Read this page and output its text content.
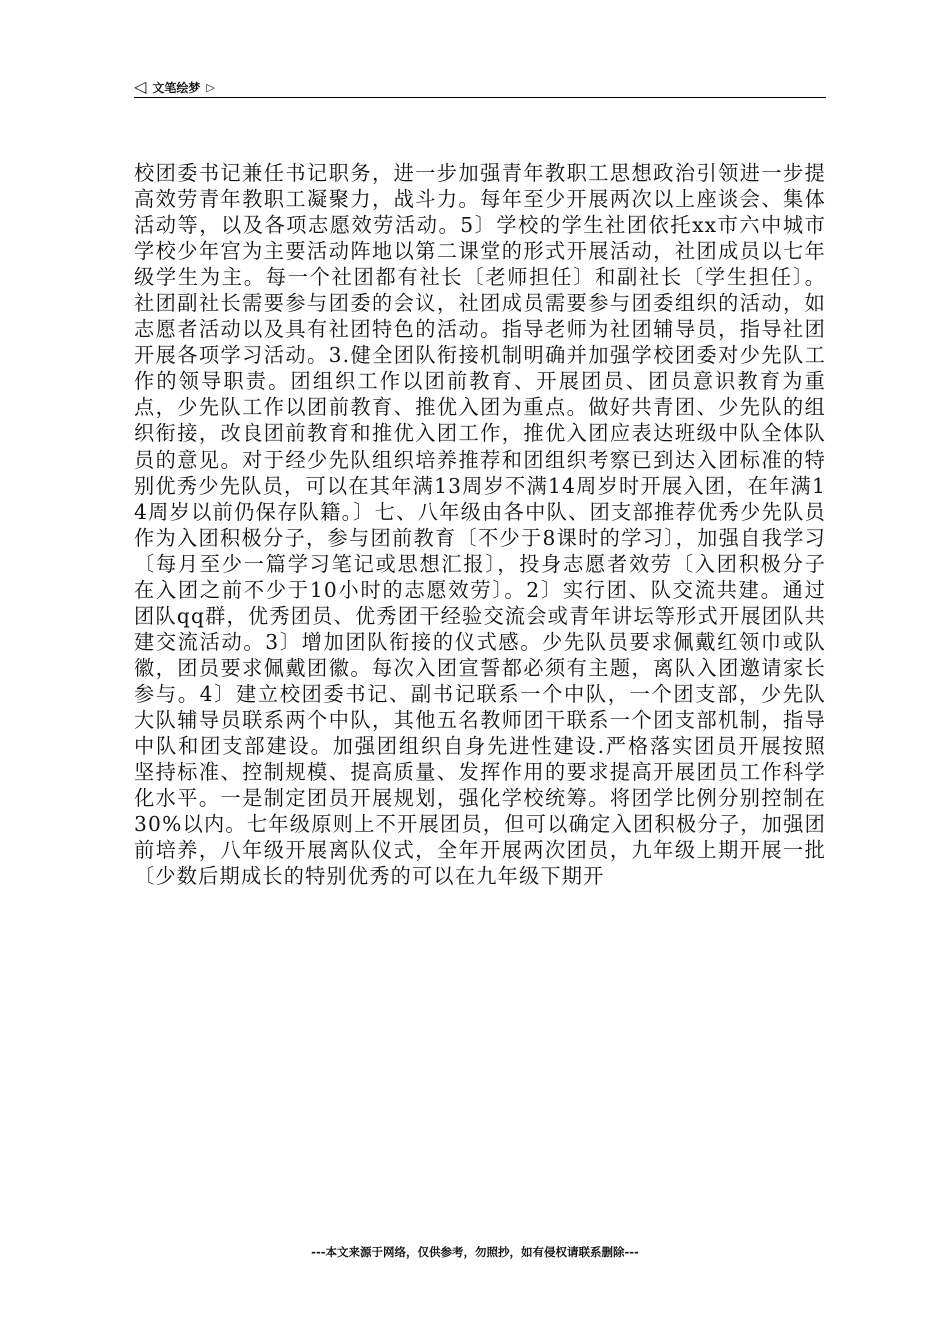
◁ 文笔绘梦 ▷

校团委书记兼任书记职务，进一步加强青年教职工思想政治引领进一步提高效劳青年教职工凝聚力，战斗力。每年至少开展两次以上座谈会、集体活动等，以及各项志愿效劳活动。5〕学校的学生社团依托xx市六中城市学校少年宫为主要活动阵地以第二课堂的形式开展活动，社团成员以七年级学生为主。每一个社团都有社长〔老师担任〕和副社长〔学生担任〕。社团副社长需要参与团委的会议，社团成员需要参与团委组织的活动，如志愿者活动以及具有社团特色的活动。指导老师为社团辅导员，指导社团开展各项学习活动。3.健全团队衔接机制明确并加强学校团委对少先队工作的领导职责。团组织工作以团前教育、开展团员、团员意识教育为重点，少先队工作以团前教育、推优入团为重点。做好共青团、少先队的组织衔接，改良团前教育和推优入团工作，推优入团应表达班级中队全体队员的意见。对于经少先队组织培养推荐和团组织考察已到达入团标准的特别优秀少先队员，可以在其年满13周岁不满14周岁时开展入团，在年满14周岁以前仍保存队籍。〕七、八年级由各中队、团支部推荐优秀少先队员作为入团积极分子，参与团前教育〔不少于8课时的学习〕，加强自我学习〔每月至少一篇学习笔记或思想汇报〕，投身志愿者效劳〔入团积极分子在入团之前不少于10小时的志愿效劳〕。2〕实行团、队交流共建。通过团队qq群，优秀团员、优秀团干经验交流会或青年讲坛等形式开展团队共建交流活动。3〕增加团队衔接的仪式感。少先队员要求佩戴红领巾或队徽，团员要求佩戴团徽。每次入团宣誓都必须有主题，离队入团邀请家长参与。4〕建立校团委书记、副书记联系一个中队，一个团支部，少先队大队辅导员联系两个中队，其他五名教师团干联系一个团支部机制，指导中队和团支部建设。加强团组织自身先进性建设.严格落实团员开展按照坚持标准、控制规模、提高质量、发挥作用的要求提高开展团员工作科学化水平。一是制定团员开展规划，强化学校统筹。将团学比例分别控制在30%以内。七年级原则上不开展团员，但可以确定入团积极分子，加强团前培养，八年级开展离队仪式，全年开展两次团员，九年级上期开展一批〔少数后期成长的特别优秀的可以在九年级下期开

---本文来源于网络，仅供参考，勿照抄，如有侵权请联系删除---
